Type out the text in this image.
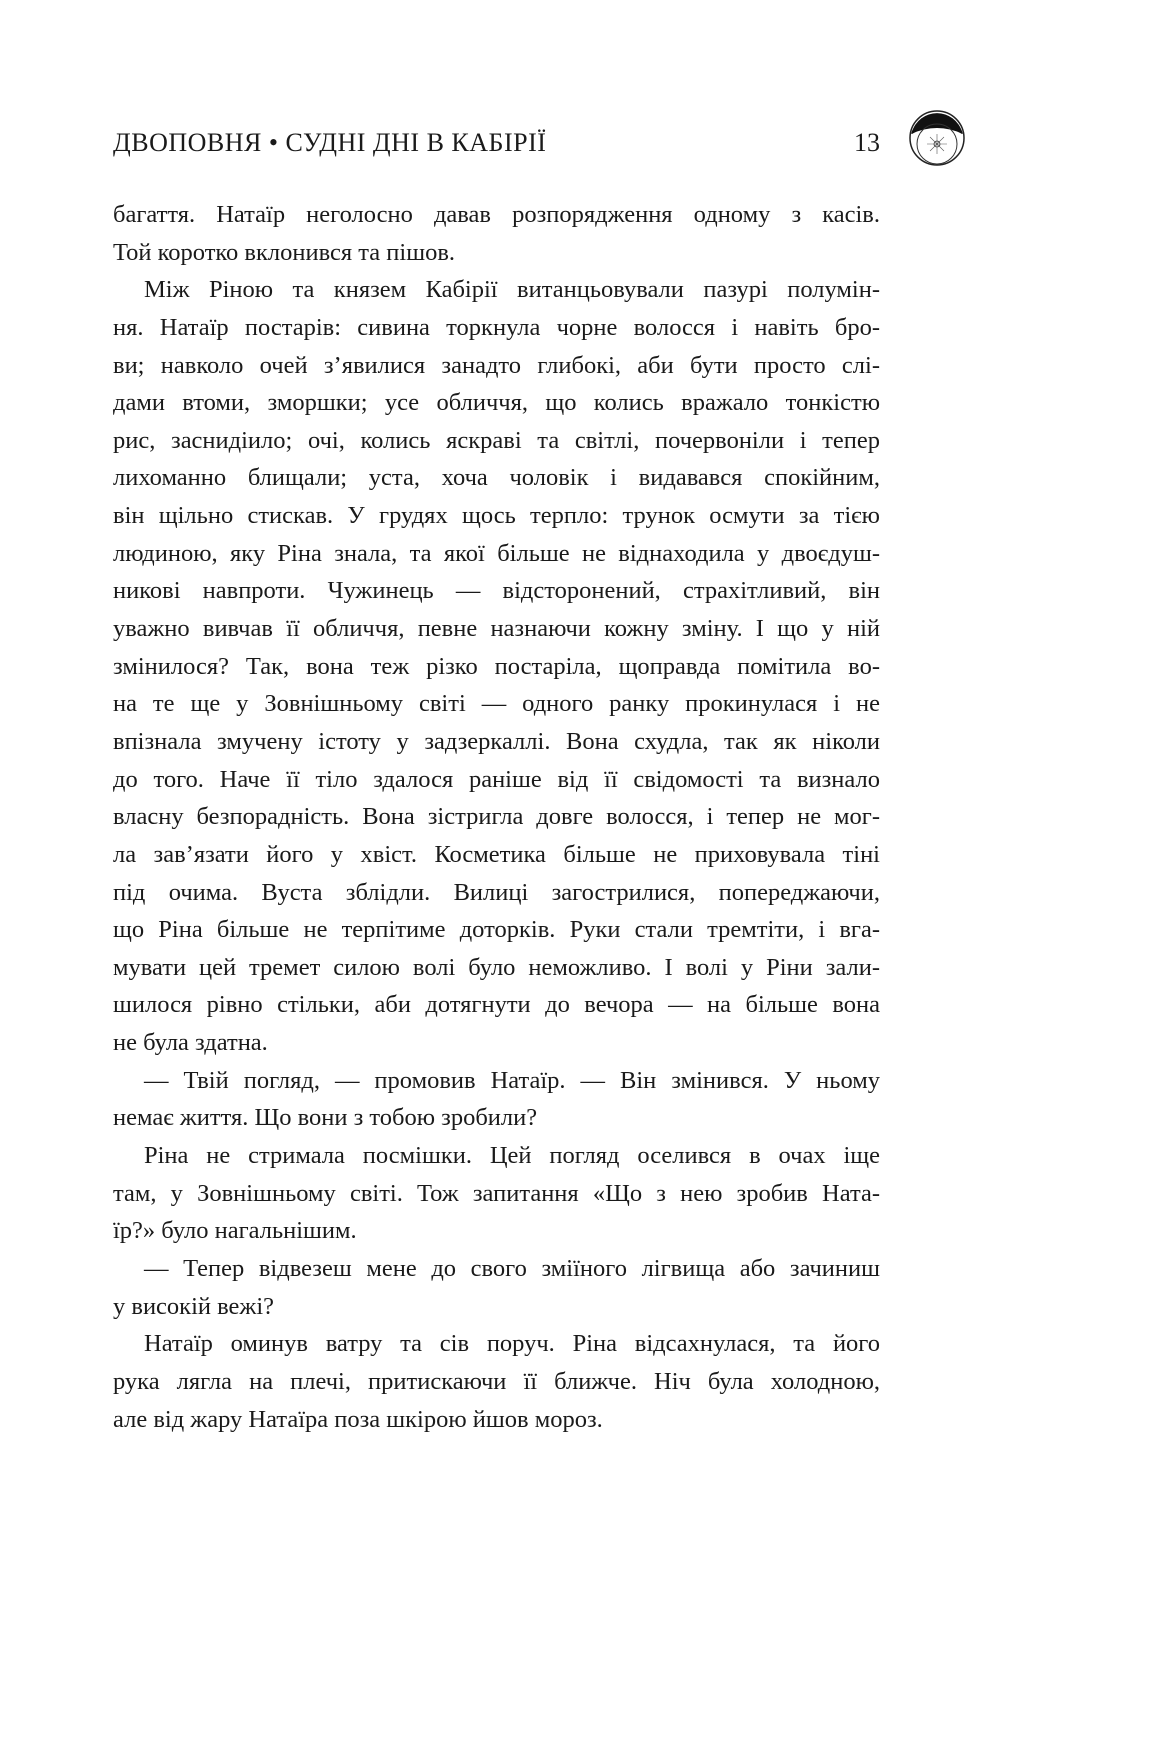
ДВОПОВНЯ • СУДНІ ДНІ В КАБІРІЇ	13
багаття. Натаїр неголосно давав розпорядження одному з касів.
Той коротко вклонився та пішов.
Між Ріною та князем Кабірії витанцьовували пазурі полумін-
ня. Натаїр постарів: сивина торкнула чорне волосся і навіть бро-
ви; навколо очей з’явилися занадто глибокі, аби бути просто слі-
дами втоми, зморшки; усе обличчя, що колись вражало тонкістю
рис, заснидіило; очі, колись яскраві та світлі, почервоніли і тепер
лихоманно блищали; уста, хоча чоловік і видавався спокійним,
він щільно стискав. У грудях щось терпло: трунок осмути за тією
людиною, яку Ріна знала, та якої більше не віднаходила у двоєдуш-
никові навпроти. Чужинець — відсторонений, страхітливий, він
уважно вивчав її обличчя, певне назнаючи кожну зміну. І що у ній
змінилося? Так, вона теж різко постаріла, щоправда помітила во-
на те ще у Зовнішньому світі — одного ранку прокинулася і не
впізнала змучену істоту у задзеркаллі. Вона схудла, так як ніколи
до того. Наче її тіло здалося раніше від її свідомості та визнало
власну безпорадність. Вона зістригла довге волосся, і тепер не мог-
ла зав’язати його у хвіст. Косметика більше не приховувала тіні
під очима. Вуста зблідли. Вилиці загострилися, попереджаючи,
що Ріна більше не терпітиме доторків. Руки стали тремтіти, і вга-
мувати цей тремет силою волі було неможливо. І волі у Ріни зали-
шилося рівно стільки, аби дотягнути до вечора — на більше вона
не була здатна.
— Твій погляд, — промовив Натаїр. — Він змінився. У ньому
немає життя. Що вони з тобою зробили?
Ріна не стримала посмішки. Цей погляд оселився в очах іще
там, у Зовнішньому світі. Тож запитання «Що з нею зробив Ната-
їр?» було нагальнішим.
— Тепер відвезеш мене до свого зміїного лігвища або зачиниш
у високій вежі?
Натаїр оминув ватру та сів поруч. Ріна відсахнулася, та його
рука лягла на плечі, притискаючи її ближче. Ніч була холодною,
але від жару Натаїра поза шкірою йшов мороз.
